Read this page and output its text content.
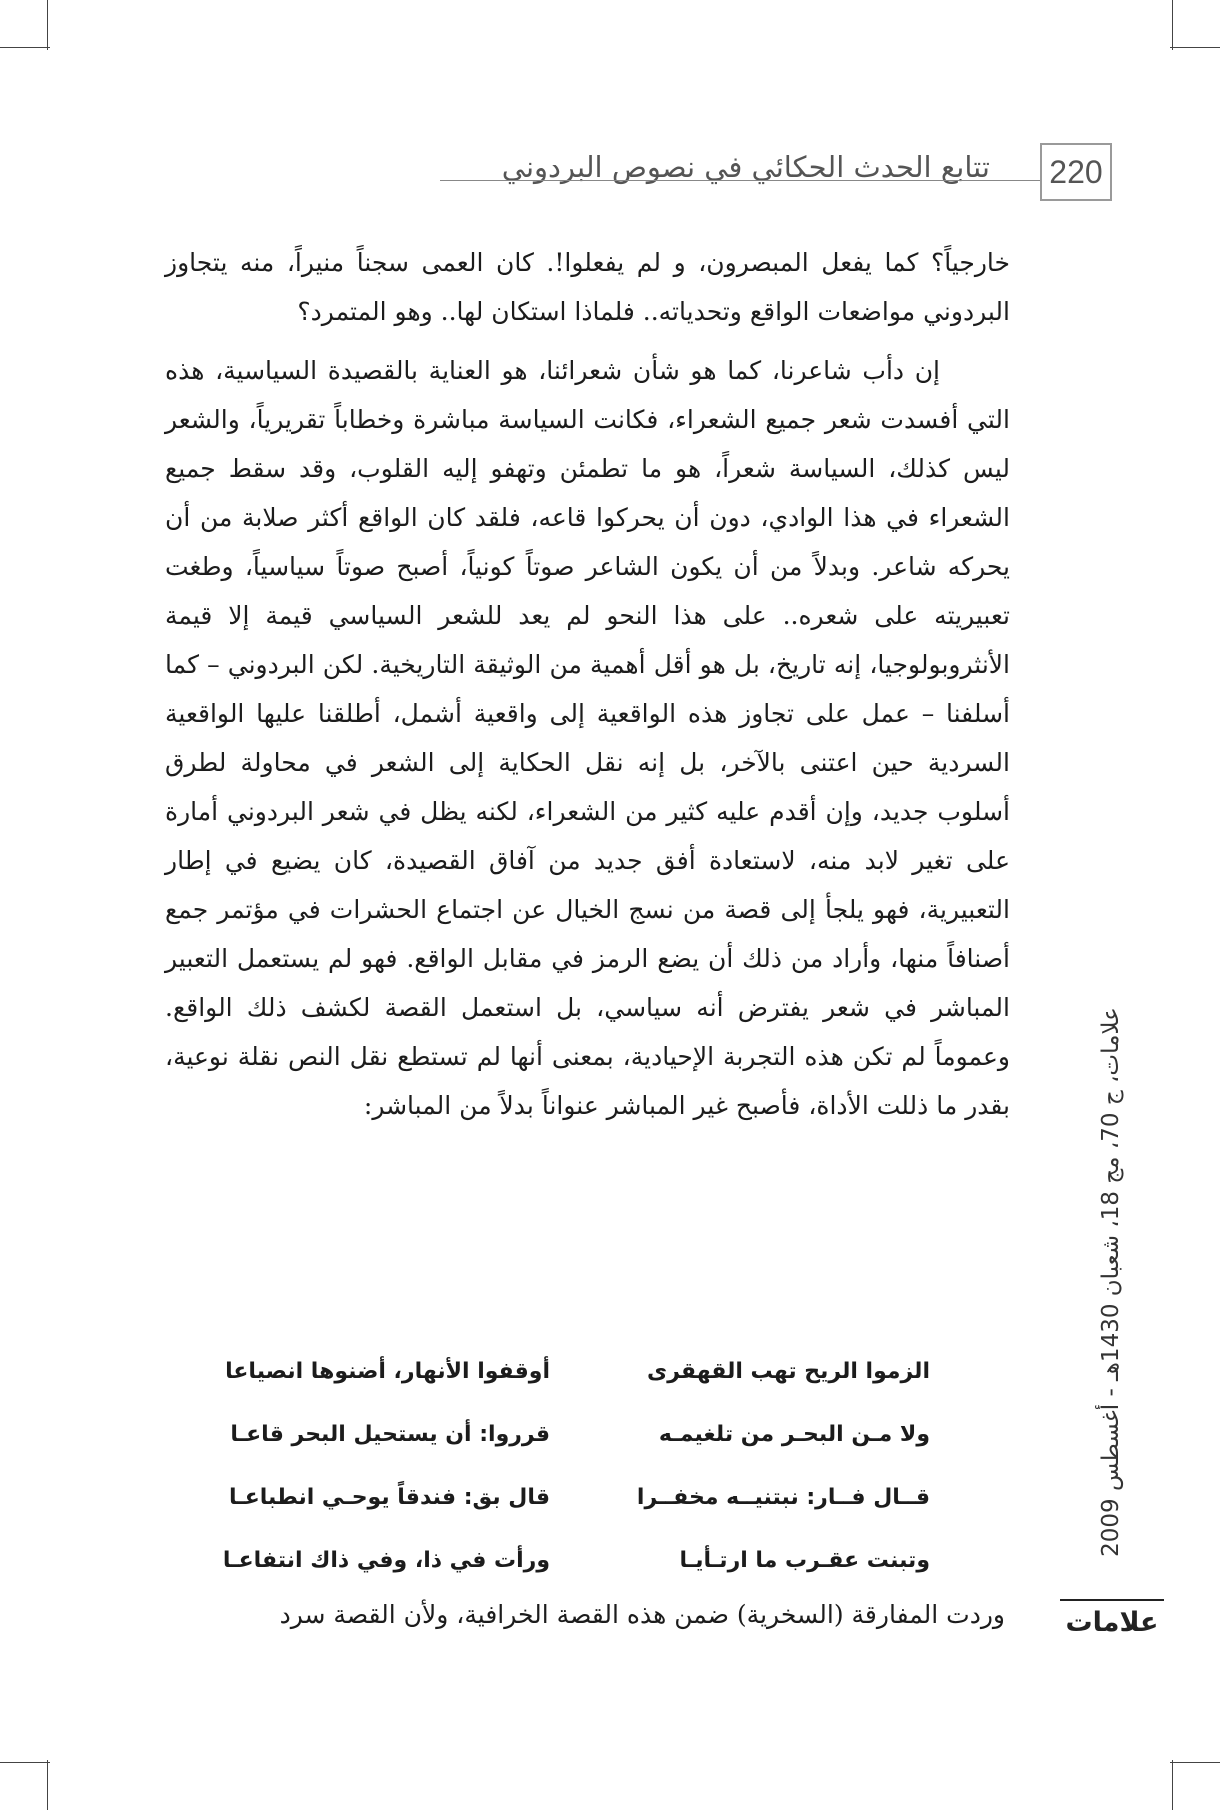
تتابع الحدث الحكائي في نصوص البردوني 220

خارجياً؟ كما يفعل المبصرون، و لم يفعلوا!. كان العمى سجناً منيراً، منه يتجاوز البردوني مواضعات الواقع وتحدياته.. فلماذا استكان لها.. وهو المتمرد؟

إن دأب شاعرنا، كما هو شأن شعرائنا، هو العناية بالقصيدة السياسية، هذه التي أفسدت شعر جميع الشعراء، فكانت السياسة مباشرة وخطاباً تقريرياً، والشعر ليس كذلك، السياسة شعراً، هو ما تطمئن وتهفو إليه القلوب، وقد سقط جميع الشعراء في هذا الوادي، دون أن يحركوا قاعه، فلقد كان الواقع أكثر صلابة من أن يحركه شاعر. وبدلاً من أن يكون الشاعر صوتاً كونياً، أصبح صوتاً سياسياً، وطغت تعبيريته على شعره.. على هذا النحو لم يعد للشعر السياسي قيمة إلا قيمة الأنثروبولوجيا، إنه تاريخ، بل هو أقل أهمية من الوثيقة التاريخية. لكن البردوني – كما أسلفنا – عمل على تجاوز هذه الواقعية إلى واقعية أشمل، أطلقنا عليها الواقعية السردية حين اعتنى بالآخر، بل إنه نقل الحكاية إلى الشعر في محاولة لطرق أسلوب جديد، وإن أقدم عليه كثير من الشعراء، لكنه يظل في شعر البردوني أمارة على تغير لابد منه، لاستعادة أفق جديد من آفاق القصيدة، كان يضيع في إطار التعبيرية، فهو يلجأ إلى قصة من نسج الخيال عن اجتماع الحشرات في مؤتمر جمع أصنافاً منها، وأراد من ذلك أن يضع الرمز في مقابل الواقع. فهو لم يستعمل التعبير المباشر في شعر يفترض أنه سياسي، بل استعمل القصة لكشف ذلك الواقع. وعموماً لم تكن هذه التجربة الإحيادية، بمعنى أنها لم تستطع نقل النص نقلة نوعية، بقدر ما ذللت الأداة، فأصبح غير المباشر عنواناً بدلاً من المباشر:

الزموا الريح تهب القهقرى
أوقفوا الأنهار، أضنوها انصياعا
ولا مـن البحـر من تلغيمـه
قرروا: أن يستحيل البحر قاعـا
قــال فــار: نبتنيــه مخفــرا
قال بق: فندقاً يوحـي انطباعـا
وتبنت عقـرب ما ارتـأيـا
ورأت في ذا، وفي ذاك انتفاعـا
وردت المفارقة (السخرية) ضمن هذه القصة الخرافية، ولأن القصة سرد
علامات، ج 70، مج 18، شعبان 1430هـ - أغسطس 2009
علامات
